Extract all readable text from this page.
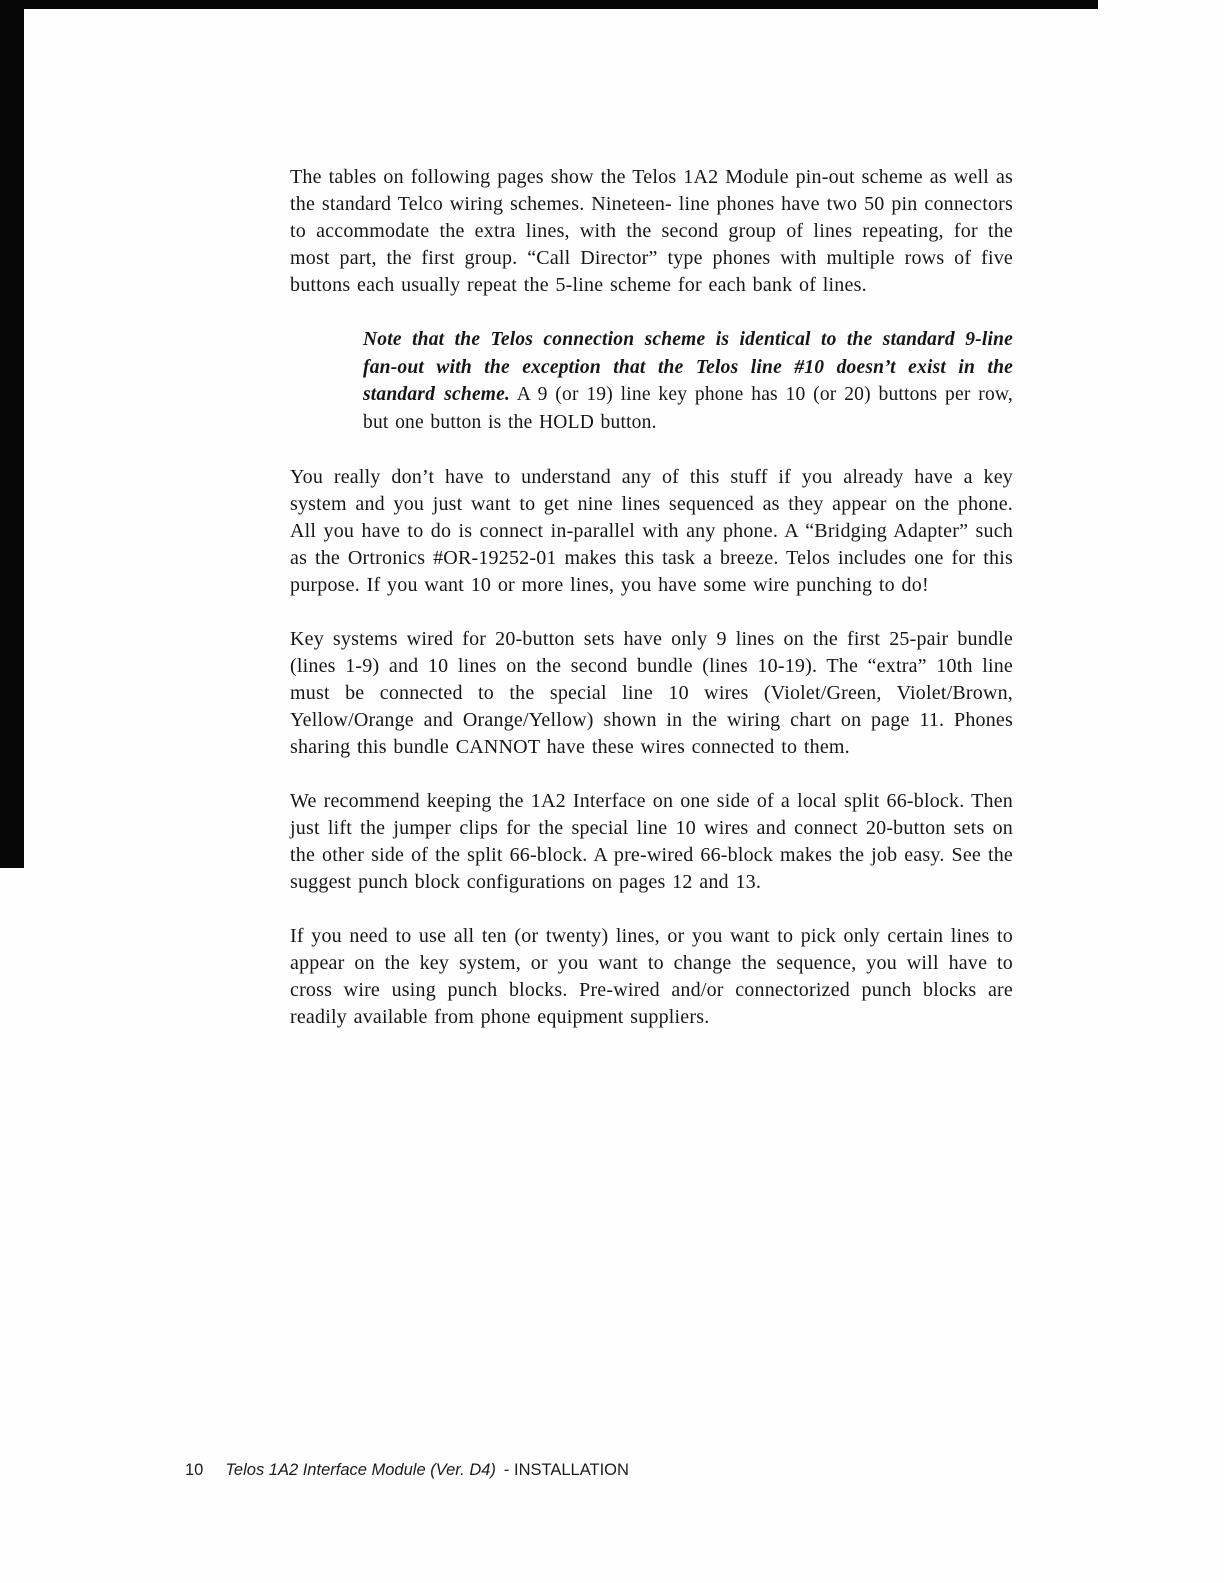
The tables on following pages show the Telos 1A2 Module pin-out scheme as well as the standard Telco wiring schemes. Nineteen- line phones have two 50 pin connectors to accommodate the extra lines, with the second group of lines repeating, for the most part, the first group. “Call Director” type phones with multiple rows of five buttons each usually repeat the 5-line scheme for each bank of lines.

Note that the Telos connection scheme is identical to the standard 9-line fan-out with the exception that the Telos line #10 doesn’t exist in the standard scheme. A 9 (or 19) line key phone has 10 (or 20) buttons per row, but one button is the HOLD button.

You really don’t have to understand any of this stuff if you already have a key system and you just want to get nine lines sequenced as they appear on the phone. All you have to do is connect in-parallel with any phone. A “Bridging Adapter” such as the Ortronics #OR-19252-01 makes this task a breeze. Telos includes one for this purpose. If you want 10 or more lines, you have some wire punching to do!

Key systems wired for 20-button sets have only 9 lines on the first 25-pair bundle (lines 1-9) and 10 lines on the second bundle (lines 10-19). The “extra” 10th line must be connected to the special line 10 wires (Violet/Green, Violet/Brown, Yellow/Orange and Orange/Yellow) shown in the wiring chart on page 11. Phones sharing this bundle CANNOT have these wires connected to them.

We recommend keeping the 1A2 Interface on one side of a local split 66-block. Then just lift the jumper clips for the special line 10 wires and connect 20-button sets on the other side of the split 66-block. A pre-wired 66-block makes the job easy. See the suggest punch block configurations on pages 12 and 13.

If you need to use all ten (or twenty) lines, or you want to pick only certain lines to appear on the key system, or you want to change the sequence, you will have to cross wire using punch blocks. Pre-wired and/or connectorized punch blocks are readily available from phone equipment suppliers.

10 Telos 1A2 Interface Module (Ver. D4) - INSTALLATION
